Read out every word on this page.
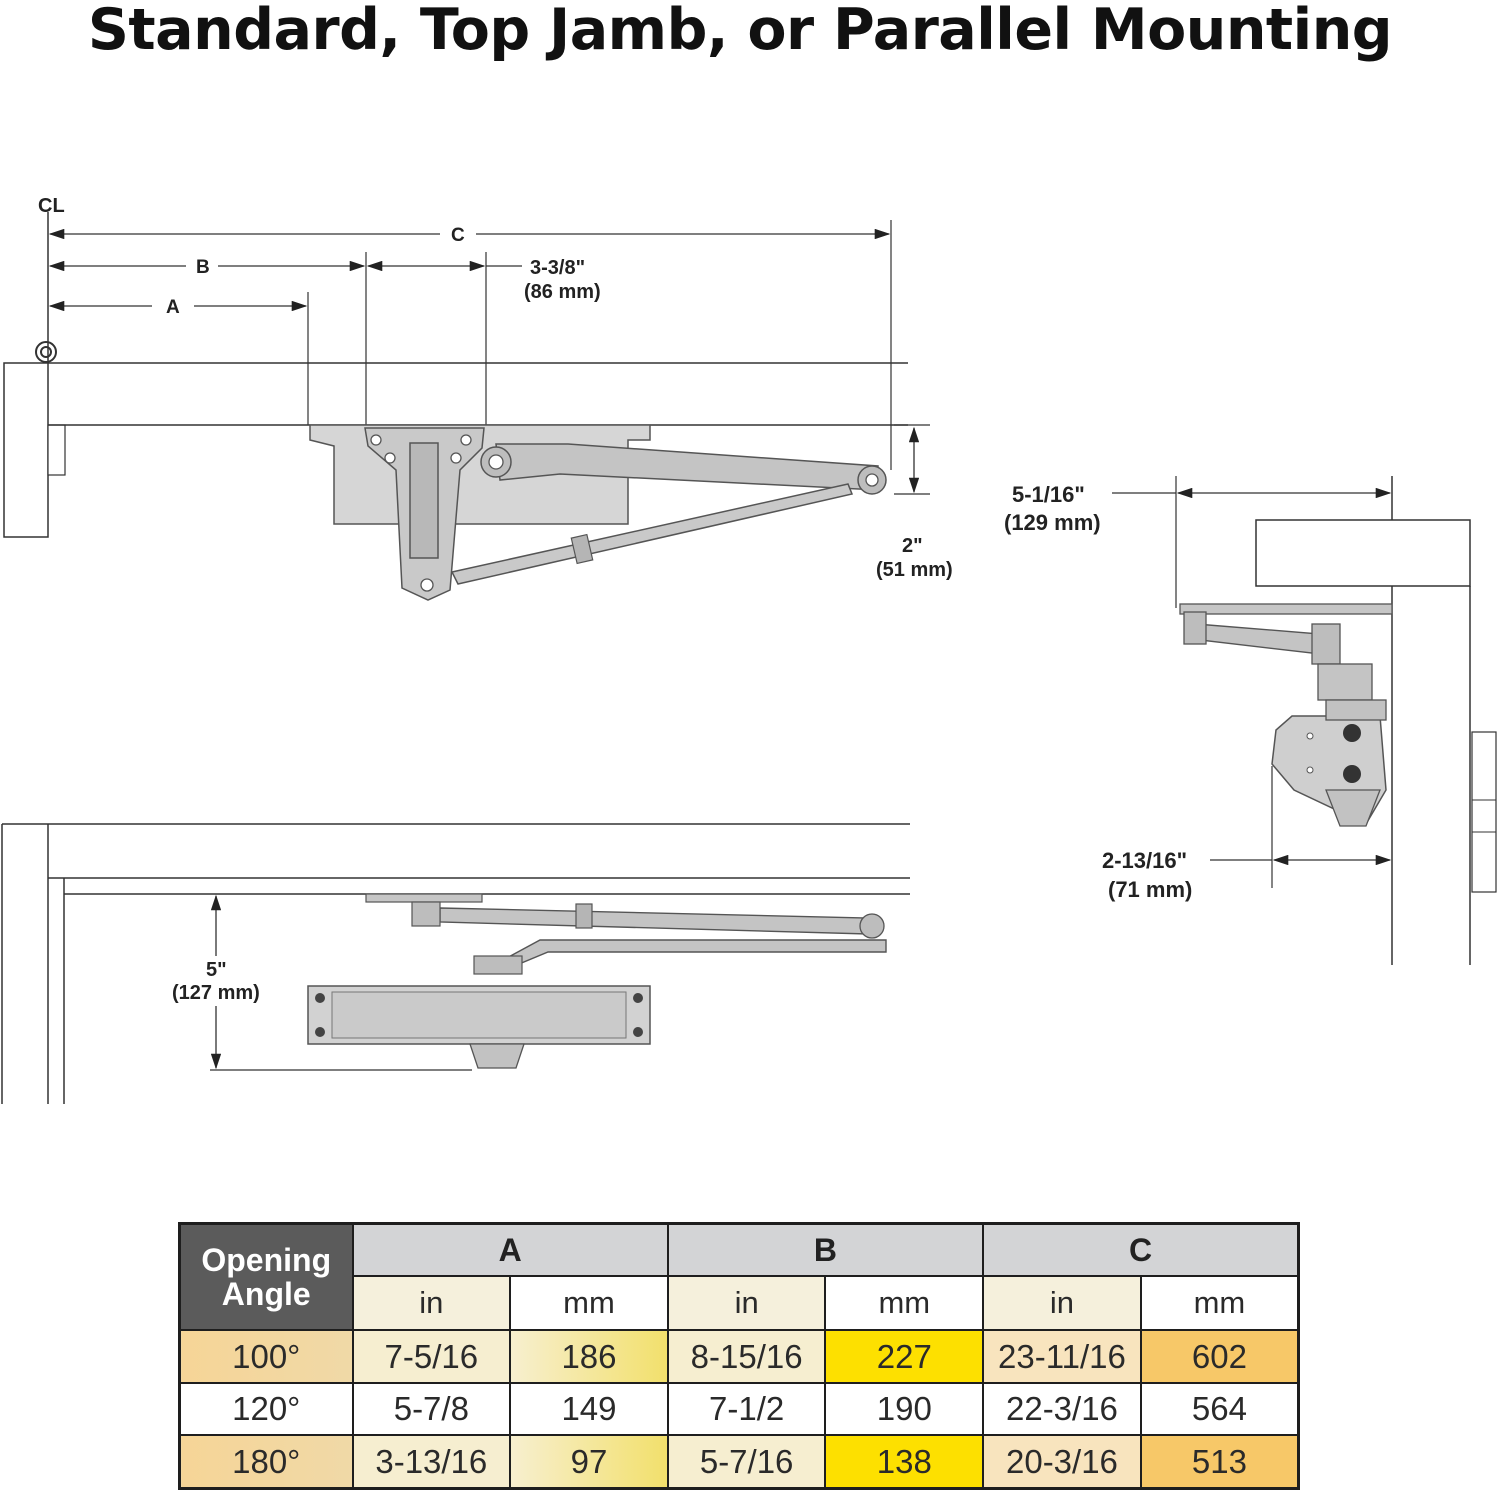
Standard, Top Jamb, or Parallel Mounting
CL
C
B	3-3/8"
(86 mm)
A
2"
(51 mm)
5-1/16"
(129 mm)
2-13/16"
(71 mm)
5"
(127 mm)
Opening
Angle	A		B		C	
	in	mm	in	mm	in	mm
100°	7-5/16	186	8-15/16	227	23-11/16	602
120°	5-7/8	149	7-1/2	190	22-3/16	564
180°	3-13/16	97	5-7/16	138	20-3/16	513
